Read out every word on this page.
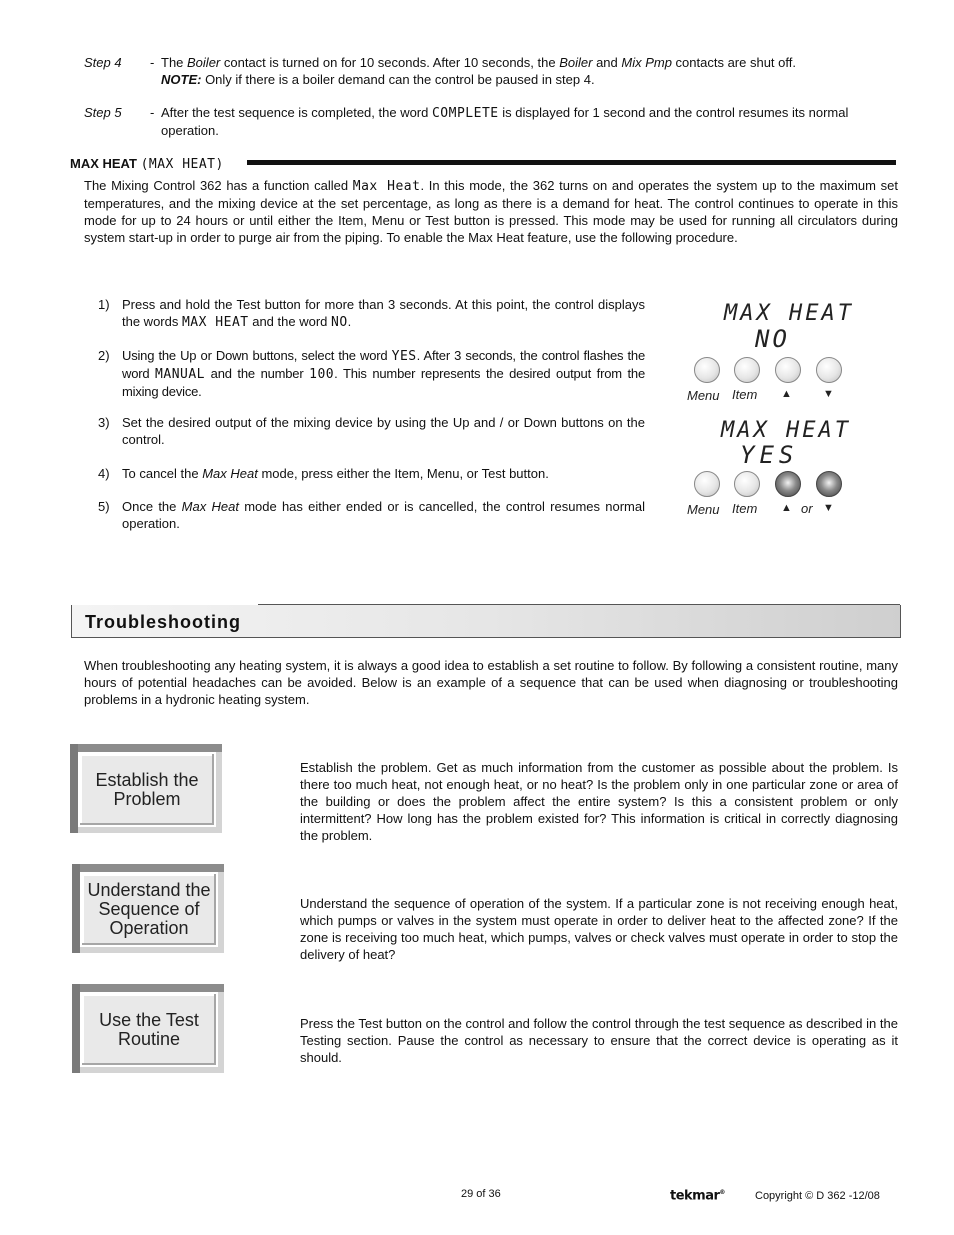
Step 4 - The Boiler contact is turned on for 10 seconds. After 10 seconds, the Boiler and Mix Pmp contacts are shut off.
NOTE: Only if there is a boiler demand can the control be paused in step 4.
Step 5 - After the test sequence is completed, the word COMPLETE is displayed for 1 second and the control resumes its normal operation.
MAX HEAT (MAX HEAT)
The Mixing Control 362 has a function called Max Heat. In this mode, the 362 turns on and operates the system up to the maximum set temperatures, and the mixing device at the set percentage, as long as there is a demand for heat. The control continues to operate in this mode for up to 24 hours or until either the Item, Menu or Test button is pressed. This mode may be used for running all circulators during system start-up in order to purge air from the piping. To enable the Max Heat feature, use the following procedure.
1) Press and hold the Test button for more than 3 seconds. At this point, the control displays the words MAX HEAT and the word NO.
2) Using the Up or Down buttons, select the word YES. After 3 seconds, the control flashes the word MANUAL and the number 100. This number represents the desired output from the mixing device.
3) Set the desired output of the mixing device by using the Up and / or Down buttons on the control.
4) To cancel the Max Heat mode, press either the Item, Menu, or Test button.
5) Once the Max Heat mode has either ended or is cancelled, the control resumes normal operation.
MAX HEAT
NO
Menu Item ▲	▼
MAX HEAT
YES
Menu Item ▲ or ▼
Troubleshooting
When troubleshooting any heating system, it is always a good idea to establish a set routine to follow. By following a consistent routine, many hours of potential headaches can be avoided. Below is an example of a sequence that can be used when diagnosing or troubleshooting problems in a hydronic heating system.
Establish the Problem
Establish the problem. Get as much information from the customer as possible about the problem. Is there too much heat, not enough heat, or no heat? Is the problem only in one particular zone or area of the building or does the problem affect the entire system? Is this a consistent problem or only intermittent? How long has the problem existed for? This information is critical in correctly diagnosing the problem.
Understand the Sequence of Operation
Understand the sequence of operation of the system. If a particular zone is not receiving enough heat, which pumps or valves in the system must operate in order to deliver heat to the affected zone? If the zone is receiving too much heat, which pumps, valves or check valves must operate in order to stop the delivery of heat?
Use the Test Routine
Press the Test button on the control and follow the control through the test sequence as described in the Testing section. Pause the control as necessary to ensure that the correct device is operating as it should.
29 of 36	tekmar®	Copyright © D 362 -12/08
